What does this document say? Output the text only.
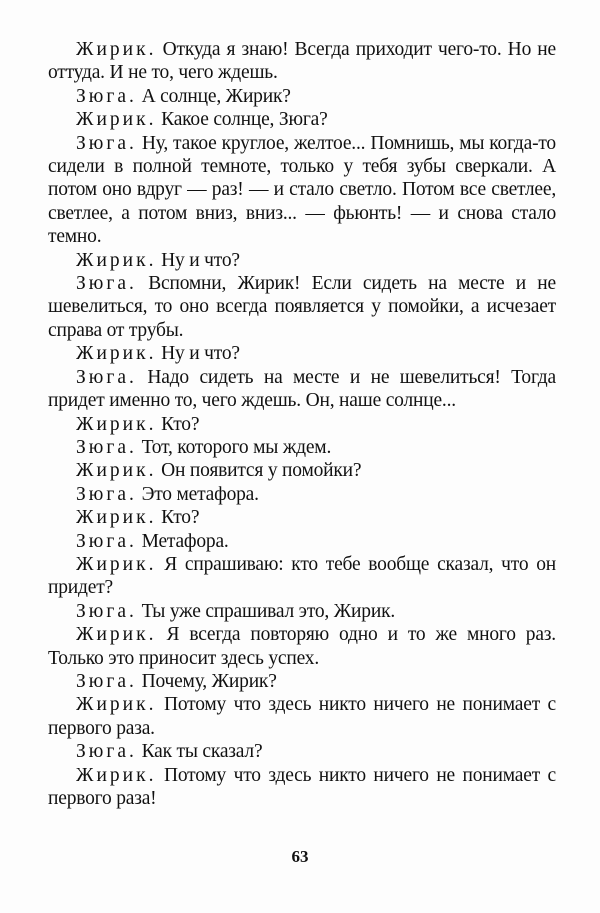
Жирик. Откуда я знаю! Всегда приходит чего-то. Но не оттуда. И не то, чего ждешь.

Зюга. А солнце, Жирик?

Жирик. Какое солнце, Зюга?

Зюга. Ну, такое круглое, желтое... Помнишь, мы когда-то сидели в полной темноте, только у тебя зубы сверкали. А потом оно вдруг — раз! — и стало светло. Потом все светлее, светлее, а потом вниз, вниз... — фьюнть! — и снова стало темно.

Жирик. Ну и что?

Зюга. Вспомни, Жирик! Если сидеть на месте и не шевелиться, то оно всегда появляется у помойки, а исчезает справа от трубы.

Жирик. Ну и что?

Зюга. Надо сидеть на месте и не шевелиться! Тогда придет именно то, чего ждешь. Он, наше солнце...

Жирик. Кто?

Зюга. Тот, которого мы ждем.

Жирик. Он появится у помойки?

Зюга. Это метафора.

Жирик. Кто?

Зюга. Метафора.

Жирик. Я спрашиваю: кто тебе вообще сказал, что он придет?

Зюга. Ты уже спрашивал это, Жирик.

Жирик. Я всегда повторяю одно и то же много раз. Только это приносит здесь успех.

Зюга. Почему, Жирик?

Жирик. Потому что здесь никто ничего не понимает с первого раза.

Зюга. Как ты сказал?

Жирик. Потому что здесь никто ничего не понимает с первого раза!

63
